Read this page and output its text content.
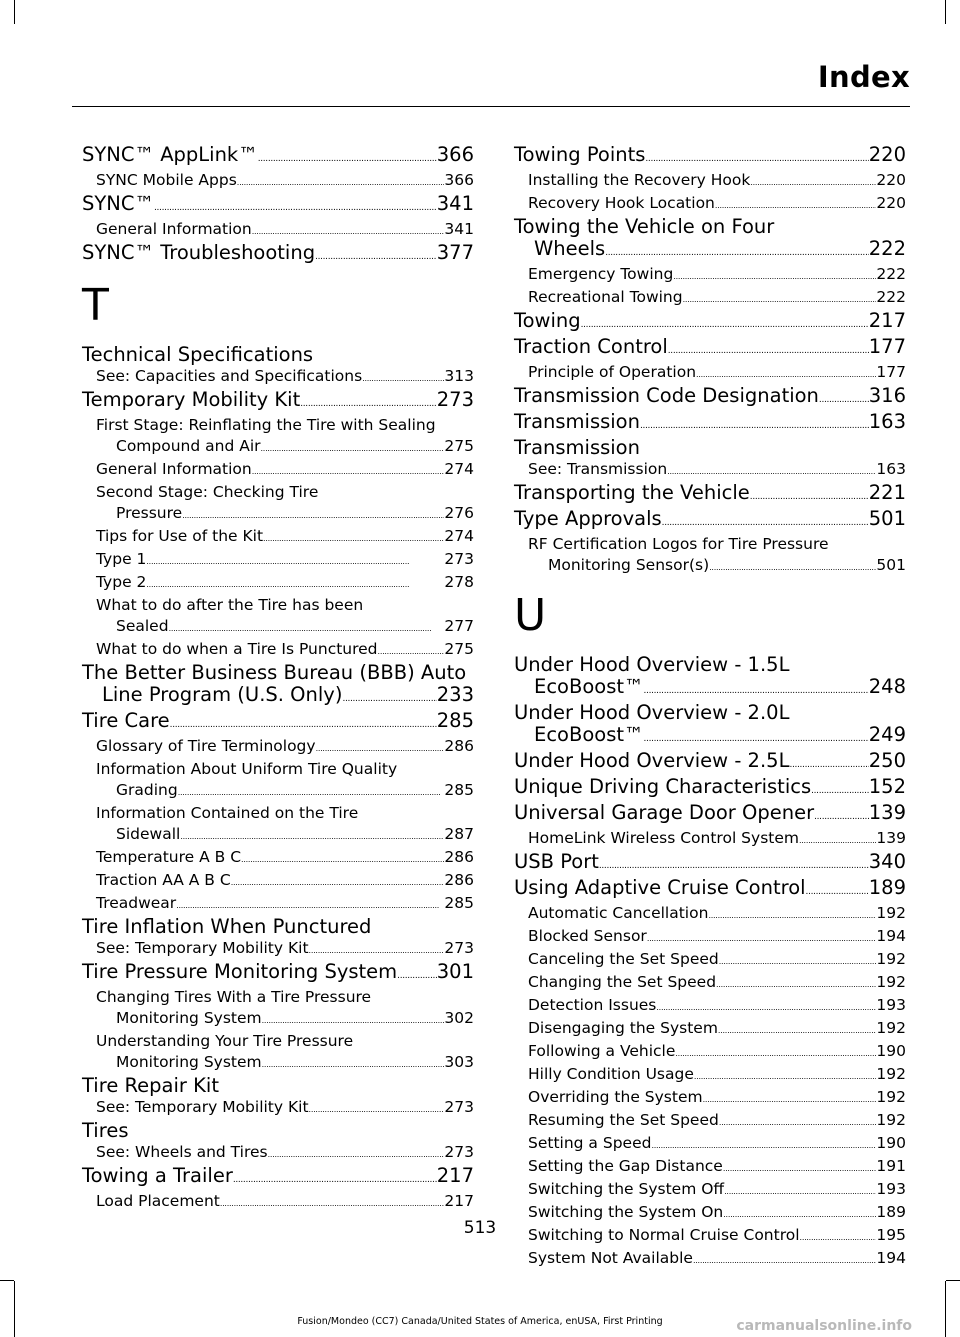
Index
SYNC™ AppLink™ . . .	366
SYNC Mobile Apps . . .	366
SYNC™ . . .	341
General Information . . .	341
SYNC™ Troubleshooting . . .	377
T
Technical Specifications
See: Capacities and Specifications . . .	313
Temporary Mobility Kit . . .	273
First Stage: Reinflating the Tire with Sealing
Compound and Air . . .	275
General Information . . .	274
Second Stage: Checking Tire
Pressure . . .	276
Tips for Use of the Kit . . .	274
Type 1 . . .	273
Type 2 . . .	278
What to do after the Tire has been
Sealed . . .	277
What to do when a Tire Is Punctured . . .	275
The Better Business Bureau (BBB) Auto
Line Program (U.S. Only) . . .	233
Tire Care . . .	285
Glossary of Tire Terminology . . .	286
Information About Uniform Tire Quality
Grading . . .	285
Information Contained on the Tire
Sidewall . . .	287
Temperature A B C . . .	286
Traction AA A B C . . .	286
Treadwear . . .	285
Tire Inflation When Punctured
See: Temporary Mobility Kit . . .	273
Tire Pressure Monitoring System . . . 301
Changing Tires With a Tire Pressure
Monitoring System . . .	302
Understanding Your Tire Pressure
Monitoring System . . .	303
Tire Repair Kit
See: Temporary Mobility Kit . . .	273
Tires
See: Wheels and Tires . . .	273
Towing a Trailer . . .	217
Load Placement . . .	217
Towing Points . . .	220
Installing the Recovery Hook . . .	220
Recovery Hook Location . . .	220
Towing the Vehicle on Four
Wheels . . .	222
Emergency Towing . . .	222
Recreational Towing . . .	222
Towing . . .	217
Traction Control . . .	177
Principle of Operation . . .	177
Transmission Code Designation . . .	316
Transmission . . .	163
Transmission
See: Transmission . . .	163
Transporting the Vehicle . . .	221
Type Approvals . . .	501
RF Certification Logos for Tire Pressure
Monitoring Sensor(s) . . .	501
U
Under Hood Overview - 1.5L
EcoBoost™ . . .	248
Under Hood Overview - 2.0L
EcoBoost™ . . .	249
Under Hood Overview - 2.5L . . .	250
Unique Driving Characteristics . . .	152
Universal Garage Door Opener . . .	139
HomeLink Wireless Control System . . .	139
USB Port . . .	340
Using Adaptive Cruise Control . . .	189
Automatic Cancellation . . .	192
Blocked Sensor . . .	194
Canceling the Set Speed . . .	192
Changing the Set Speed . . .	192
Detection Issues . . .	193
Disengaging the System . . .	192
Following a Vehicle . . .	190
Hilly Condition Usage . . .	192
Overriding the System . . .	192
Resuming the Set Speed . . .	192
Setting a Speed . . .	190
Setting the Gap Distance . . .	191
Switching the System Off . . .	193
Switching the System On . . .	189
Switching to Normal Cruise Control . . .	195
System Not Available . . .	194
513
Fusion/Mondeo (CC7) Canada/United States of America, enUSA, First Printing	carmanualsonline.info
